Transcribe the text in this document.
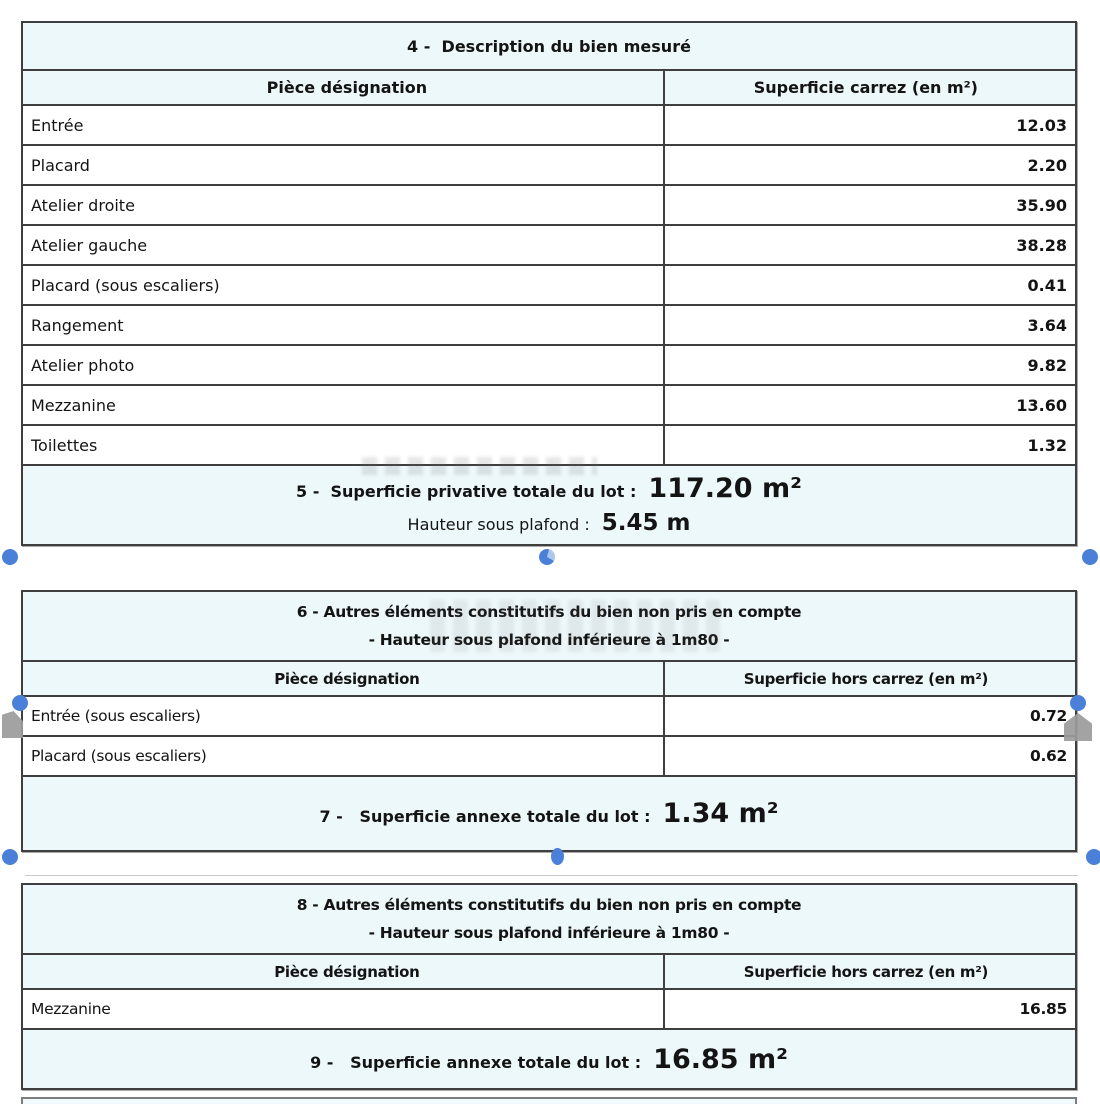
4 -  Description du bien mesuré
Pièce désignation	Superficie carrez (en m²)
Entrée	12.03
Placard	2.20
Atelier droite	35.90
Atelier gauche	38.28
Placard (sous escaliers)	0.41
Rangement	3.64
Atelier photo	9.82
Mezzanine	13.60
Toilettes	1.32
5 -  Superficie privative totale du lot : 117.20 m²
Hauteur sous plafond : 5.45 m
6 - Autres éléments constitutifs du bien non pris en compte
- Hauteur sous plafond inférieure à 1m80 -
Pièce désignation	Superficie hors carrez (en m²)
Entrée (sous escaliers)	0.72
Placard (sous escaliers)	0.62
7 -   Superficie annexe totale du lot : 1.34 m²
8 - Autres éléments constitutifs du bien non pris en compte
- Hauteur sous plafond inférieure à 1m80 -
Pièce désignation	Superficie hors carrez (en m²)
Mezzanine	16.85
9 -   Superficie annexe totale du lot : 16.85 m²
